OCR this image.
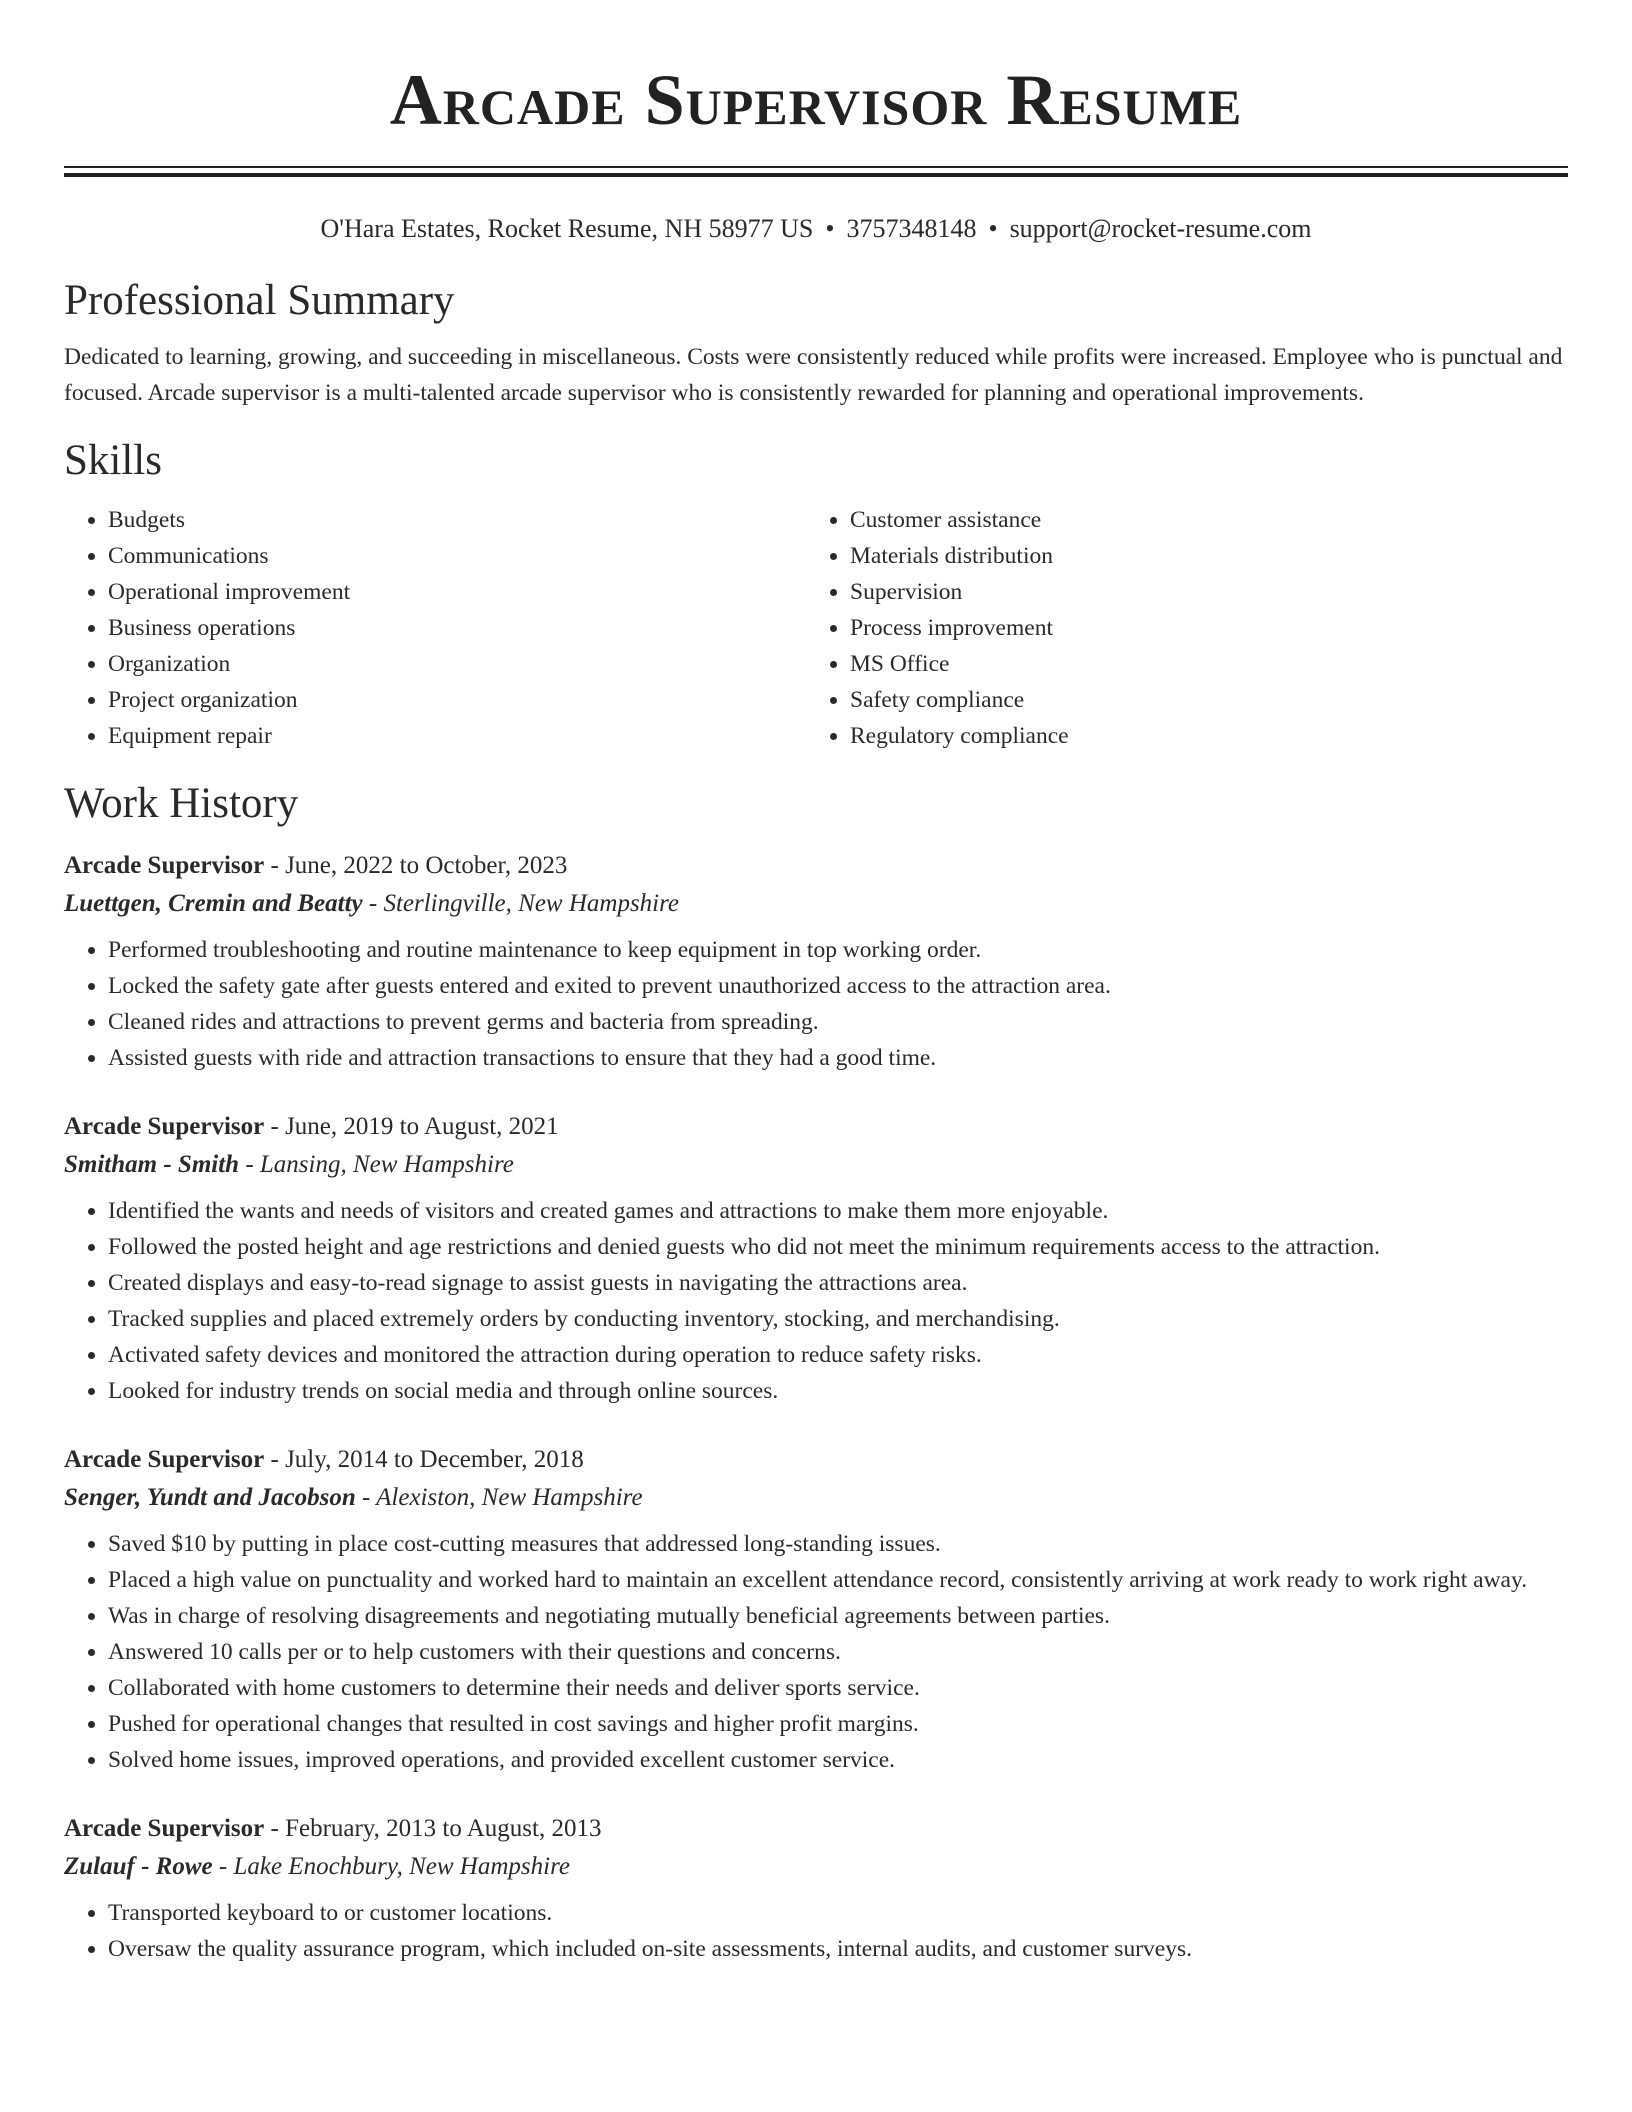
Arcade Supervisor Resume
O'Hara Estates, Rocket Resume, NH 58977 US • 3757348148 • support@rocket-resume.com
Professional Summary

Dedicated to learning, growing, and succeeding in miscellaneous. Costs were consistently reduced while profits were increased. Employee who is punctual and focused. Arcade supervisor is a multi-talented arcade supervisor who is consistently rewarded for planning and operational improvements.

Skills
• Budgets
• Communications
• Operational improvement
• Business operations
• Organization
• Project organization
• Equipment repair
• Customer assistance
• Materials distribution
• Supervision
• Process improvement
• MS Office
• Safety compliance
• Regulatory compliance
Work History
Arcade Supervisor - June, 2022 to October, 2023
Luettgen, Cremin and Beatty - Sterlingville, New Hampshire
• Performed troubleshooting and routine maintenance to keep equipment in top working order.
• Locked the safety gate after guests entered and exited to prevent unauthorized access to the attraction area.
• Cleaned rides and attractions to prevent germs and bacteria from spreading.
• Assisted guests with ride and attraction transactions to ensure that they had a good time.
Arcade Supervisor - June, 2019 to August, 2021
Smitham - Smith - Lansing, New Hampshire
• Identified the wants and needs of visitors and created games and attractions to make them more enjoyable.
• Followed the posted height and age restrictions and denied guests who did not meet the minimum requirements access to the attraction.
• Created displays and easy-to-read signage to assist guests in navigating the attractions area.
• Tracked supplies and placed extremely orders by conducting inventory, stocking, and merchandising.
• Activated safety devices and monitored the attraction during operation to reduce safety risks.
• Looked for industry trends on social media and through online sources.
Arcade Supervisor - July, 2014 to December, 2018
Senger, Yundt and Jacobson - Alexiston, New Hampshire
• Saved $10 by putting in place cost-cutting measures that addressed long-standing issues.
• Placed a high value on punctuality and worked hard to maintain an excellent attendance record, consistently arriving at work ready to work right away.
• Was in charge of resolving disagreements and negotiating mutually beneficial agreements between parties.
• Answered 10 calls per or to help customers with their questions and concerns.
• Collaborated with home customers to determine their needs and deliver sports service.
• Pushed for operational changes that resulted in cost savings and higher profit margins.
• Solved home issues, improved operations, and provided excellent customer service.
Arcade Supervisor - February, 2013 to August, 2013
Zulauf - Rowe - Lake Enochbury, New Hampshire
• Transported keyboard to or customer locations.
• Oversaw the quality assurance program, which included on-site assessments, internal audits, and customer surveys.
